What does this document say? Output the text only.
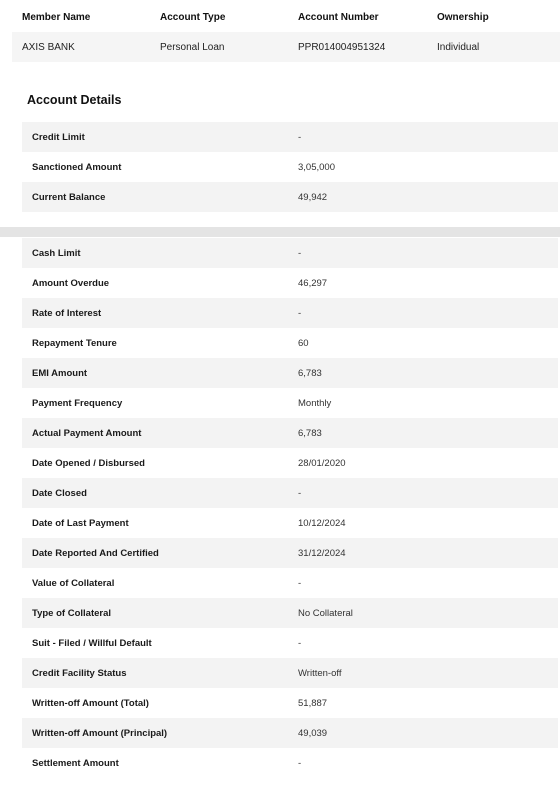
Member Name	Account Type	Account Number	Ownership
AXIS BANK	Personal Loan	PPR014004951324	Individual
Account Details
Credit Limit	-
Sanctioned Amount	3,05,000
Current Balance	49,942
Cash Limit	-
Amount Overdue	46,297
Rate of Interest	-
Repayment Tenure	60
EMI Amount	6,783
Payment Frequency	Monthly
Actual Payment Amount	6,783
Date Opened / Disbursed	28/01/2020
Date Closed	-
Date of Last Payment	10/12/2024
Date Reported And Certified	31/12/2024
Value of Collateral	-
Type of Collateral	No Collateral
Suit - Filed / Willful Default	-
Credit Facility Status	Written-off
Written-off Amount (Total)	51,887
Written-off Amount (Principal)	49,039
Settlement Amount	-
